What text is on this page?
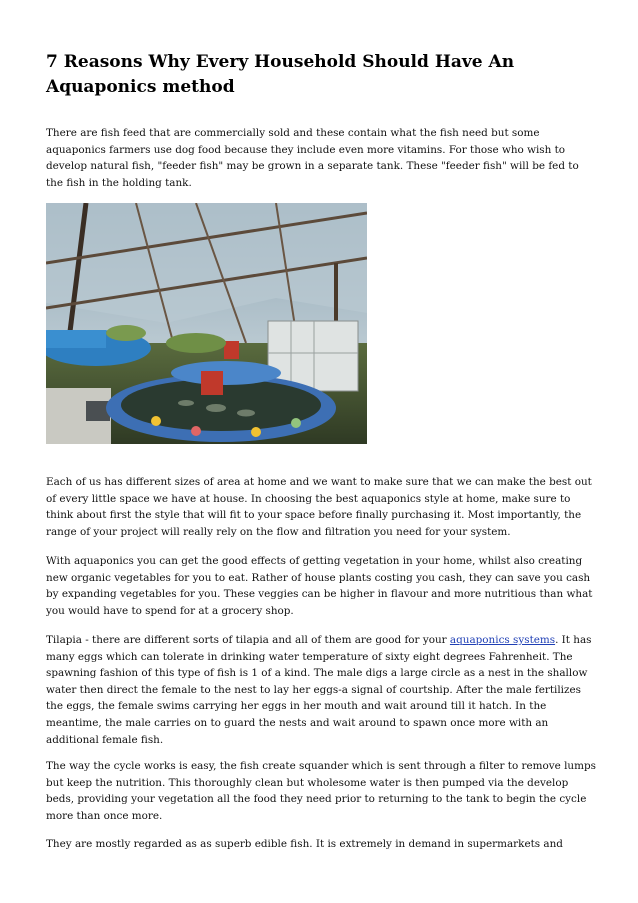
7 Reasons Why Every Household Should Have An Aquaponics method

There are fish feed that are commercially sold and these contain what the fish need but some aquaponics farmers use dog food because they include even more vitamins. For those who wish to develop natural fish, "feeder fish" may be grown in a separate tank. These "feeder fish" will be fed to the fish in the holding tank.

Each of us has different sizes of area at home and we want to make sure that we can make the best out of every little space we have at house. In choosing the best aquaponics style at home, make sure to think about first the style that will fit to your space before finally purchasing it. Most importantly, the range of your project will really rely on the flow and filtration you need for your system.

With aquaponics you can get the good effects of getting vegetation in your home, whilst also creating new organic vegetables for you to eat. Rather of house plants costing you cash, they can save you cash by expanding vegetables for you. These veggies can be higher in flavour and more nutritious than what you would have to spend for at a grocery shop.

Tilapia - there are different sorts of tilapia and all of them are good for your aquaponics systems. It has many eggs which can tolerate in drinking water temperature of sixty eight degrees Fahrenheit. The spawning fashion of this type of fish is 1 of a kind. The male digs a large circle as a nest in the shallow water then direct the female to the nest to lay her eggs-a signal of courtship. After the male fertilizes the eggs, the female swims carrying her eggs in her mouth and wait around till it hatch. In the meantime, the male carries on to guard the nests and wait around to spawn once more with an additional female fish.

The way the cycle works is easy, the fish create squander which is sent through a filter to remove lumps but keep the nutrition. This thoroughly clean but wholesome water is then pumped via the develop beds, providing your vegetation all the food they need prior to returning to the tank to begin the cycle more than once more.

They are mostly regarded as as superb edible fish. It is extremely in demand in supermarkets and
